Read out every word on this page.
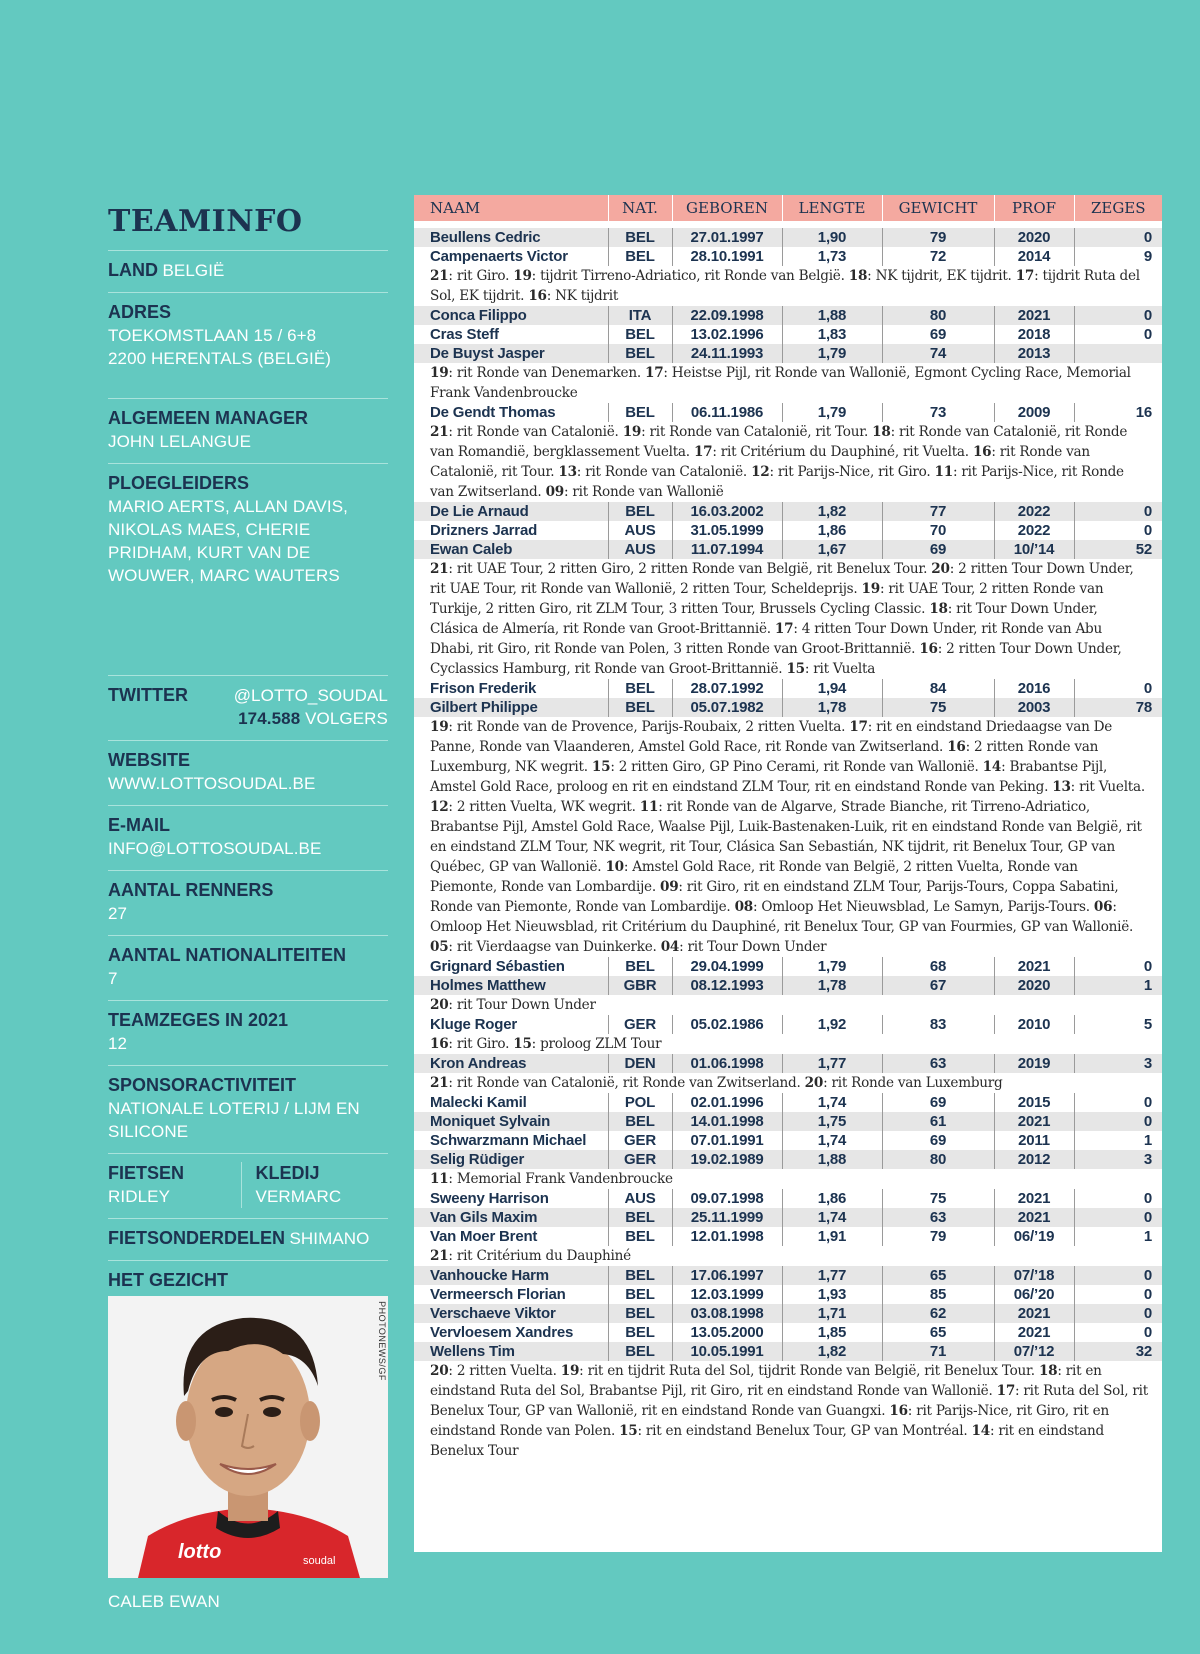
TEAMINFO
LAND BELGIË
ADRES
TOEKOMSTLAAN 15 / 6+8
2200 HERENTALS (BELGIË)
ALGEMEEN MANAGER
JOHN LELANGUE
PLOEGLEIDERS
MARIO AERTS, ALLAN DAVIS, NIKOLAS MAES, CHERIE PRIDHAM, KURT VAN DE WOUWER, MARC WAUTERS
TWITTER	@LOTTO_SOUDAL
174.588 VOLGERS
WEBSITE
WWW.LOTTOSOUDAL.BE
E-MAIL
INFO@LOTTOSOUDAL.BE
AANTAL RENNERS
27
AANTAL NATIONALITEITEN
7
TEAMZEGES IN 2021
12
SPONSORACTIVITEIT
NATIONALE LOTERIJ / LIJM EN SILICONE
FIETSEN
RIDLEY
KLEDIJ
VERMARC
FIETSONDERDELEN SHIMANO
HET GEZICHT
lotto	soudal
PHOTONEWS/GF
CALEB EWAN
NAAM	NAT.	GEBOREN	LENGTE	GEWICHT	PROF	ZEGES

Beullens Cedric	BEL	27.01.1997	1,90	79	2020	0
Campenaerts Victor	BEL	28.10.1991	1,73	72	2014	9
21: rit Giro. 19: tijdrit Tirreno-Adriatico, rit Ronde van België. 18: NK tijdrit, EK tijdrit. 17: tijdrit Ruta del Sol, EK tijdrit. 16: NK tijdrit						
Conca Filippo	ITA	22.09.1998	1,88	80	2021	0
Cras Steff	BEL	13.02.1996	1,83	69	2018	0
De Buyst Jasper	BEL	24.11.1993	1,79	74	2013	
19: rit Ronde van Denemarken. 17: Heistse Pijl, rit Ronde van Wallonië, Egmont Cycling Race, Memorial Frank Vandenbroucke						
De Gendt Thomas	BEL	06.11.1986	1,79	73	2009	16
21: rit Ronde van Catalonië. 19: rit Ronde van Catalonië, rit Tour. 18: rit Ronde van Catalonië, rit Ronde van Romandië, bergklassement Vuelta. 17: rit Critérium du Dauphiné, rit Vuelta. 16: rit Ronde van Catalonië, rit Tour. 13: rit Ronde van Catalonië. 12: rit Parijs-Nice, rit Giro. 11: rit Parijs-Nice, rit Ronde van Zwitserland. 09: rit Ronde van Wallonië						
De Lie Arnaud	BEL	16.03.2002	1,82	77	2022	0
Drizners Jarrad	AUS	31.05.1999	1,86	70	2022	0
Ewan Caleb	AUS	11.07.1994	1,67	69	10/’14	52
21: rit UAE Tour, 2 ritten Giro, 2 ritten Ronde van België, rit Benelux Tour. 20: 2 ritten Tour Down Under, rit UAE Tour, rit Ronde van Wallonië, 2 ritten Tour, Scheldeprijs. 19: rit UAE Tour, 2 ritten Ronde van Turkije, 2 ritten Giro, rit ZLM Tour, 3 ritten Tour, Brussels Cycling Classic. 18: rit Tour Down Under, Clásica de Almería, rit Ronde van Groot-Brittannië. 17: 4 ritten Tour Down Under, rit Ronde van Abu Dhabi, rit Giro, rit Ronde van Polen, 3 ritten Ronde van Groot-Brittannië. 16: 2 ritten Tour Down Under, Cyclassics Hamburg, rit Ronde van Groot-Brittannië. 15: rit Vuelta						
Frison Frederik	BEL	28.07.1992	1,94	84	2016	0
Gilbert Philippe	BEL	05.07.1982	1,78	75	2003	78
19: rit Ronde van de Provence, Parijs-Roubaix, 2 ritten Vuelta. 17: rit en eindstand Driedaagse van De Panne, Ronde van Vlaanderen, Amstel Gold Race, rit Ronde van Zwitserland. 16: 2 ritten Ronde van Luxemburg, NK wegrit. 15: 2 ritten Giro, GP Pino Cerami, rit Ronde van Wallonië. 14: Brabantse Pijl, Amstel Gold Race, proloog en rit en eindstand ZLM Tour, rit en eindstand Ronde van Peking. 13: rit Vuelta. 12: 2 ritten Vuelta, WK wegrit. 11: rit Ronde van de Algarve, Strade Bianche, rit Tirreno-Adriatico, Brabantse Pijl, Amstel Gold Race, Waalse Pijl, Luik-Bastenaken-Luik, rit en eindstand Ronde van België, rit en eindstand ZLM Tour, NK wegrit, rit Tour, Clásica San Sebastián, NK tijdrit, rit Benelux Tour, GP van Québec, GP van Wallonië. 10: Amstel Gold Race, rit Ronde van België, 2 ritten Vuelta, Ronde van Piemonte, Ronde van Lombardije. 09: rit Giro, rit en eindstand ZLM Tour, Parijs-Tours, Coppa Sabatini, Ronde van Piemonte, Ronde van Lombardije. 08: Omloop Het Nieuwsblad, Le Samyn, Parijs-Tours. 06: Omloop Het Nieuwsblad, rit Critérium du Dauphiné, rit Benelux Tour, GP van Fourmies, GP van Wallonië. 05: rit Vierdaagse van Duinkerke. 04: rit Tour Down Under						
Grignard Sébastien	BEL	29.04.1999	1,79	68	2021	0
Holmes Matthew	GBR	08.12.1993	1,78	67	2020	1
20: rit Tour Down Under						
Kluge Roger	GER	05.02.1986	1,92	83	2010	5
16: rit Giro. 15: proloog ZLM Tour						
Kron Andreas	DEN	01.06.1998	1,77	63	2019	3
21: rit Ronde van Catalonië, rit Ronde van Zwitserland. 20: rit Ronde van Luxemburg						
Malecki Kamil	POL	02.01.1996	1,74	69	2015	0
Moniquet Sylvain	BEL	14.01.1998	1,75	61	2021	0
Schwarzmann Michael	GER	07.01.1991	1,74	69	2011	1
Selig Rüdiger	GER	19.02.1989	1,88	80	2012	3
11: Memorial Frank Vandenbroucke						
Sweeny Harrison	AUS	09.07.1998	1,86	75	2021	0
Van Gils Maxim	BEL	25.11.1999	1,74	63	2021	0
Van Moer Brent	BEL	12.01.1998	1,91	79	06/’19	1
21: rit Critérium du Dauphiné						
Vanhoucke Harm	BEL	17.06.1997	1,77	65	07/’18	0
Vermeersch Florian	BEL	12.03.1999	1,93	85	06/’20	0
Verschaeve Viktor	BEL	03.08.1998	1,71	62	2021	0
Vervloesem Xandres	BEL	13.05.2000	1,85	65	2021	0
Wellens Tim	BEL	10.05.1991	1,82	71	07/’12	32
20: 2 ritten Vuelta. 19: rit en tijdrit Ruta del Sol, tijdrit Ronde van België, rit Benelux Tour. 18: rit en eindstand Ruta del Sol, Brabantse Pijl, rit Giro, rit en eindstand Ronde van Wallonië. 17: rit Ruta del Sol, rit Benelux Tour, GP van Wallonië, rit en eindstand Ronde van Guangxi. 16: rit Parijs-Nice, rit Giro, rit en eindstand Ronde van Polen. 15: rit en eindstand Benelux Tour, GP van Montréal. 14: rit en eindstand Benelux Tour						
